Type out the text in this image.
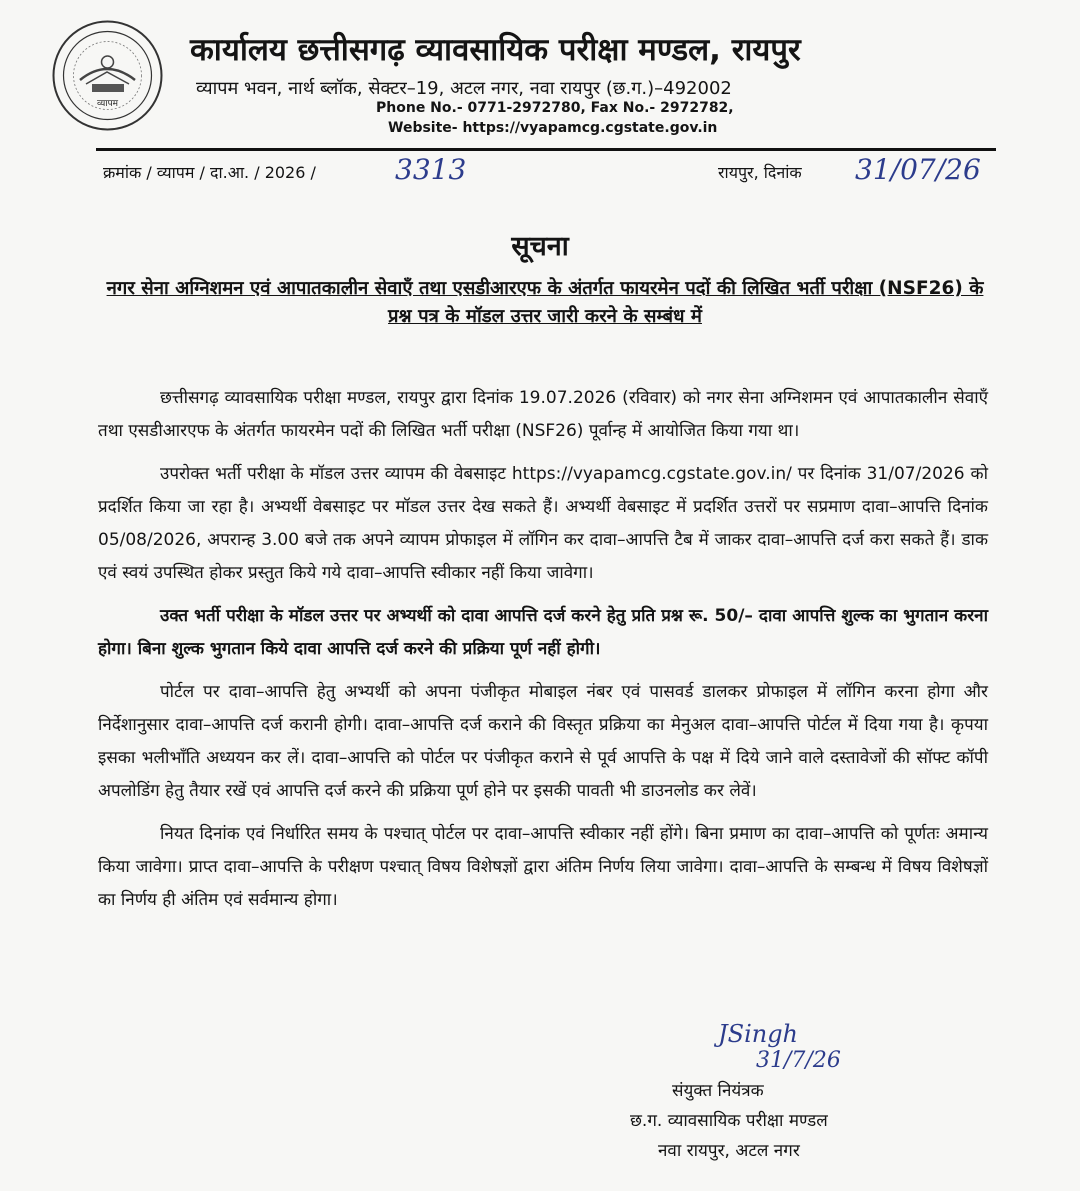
व्यापम
कार्यालय छत्तीसगढ़ व्यावसायिक परीक्षा मण्डल, रायपुर
व्यापम भवन, नार्थ ब्लॉक, सेक्टर–19, अटल नगर, नवा रायपुर (छ.ग.)–492002
Phone No.- 0771-2972780, Fax No.- 2972782,
Website- https://vyapamcg.cgstate.gov.in
क्रमांक / व्यापम / दा.आ. / 2026 /	3313	रायपुर, दिनांक 31/07/26
सूचना
नगर सेना अग्निशमन एवं आपातकालीन सेवाएँ तथा एसडीआरएफ के अंतर्गत फायरमेन पदों की लिखित भर्ती परीक्षा (NSF26) के प्रश्न पत्र के मॉडल उत्तर जारी करने के सम्बंध में

छत्तीसगढ़ व्यावसायिक परीक्षा मण्डल, रायपुर द्वारा दिनांक 19.07.2026 (रविवार) को नगर सेना अग्निशमन एवं आपातकालीन सेवाएँ तथा एसडीआरएफ के अंतर्गत फायरमेन पदों की लिखित भर्ती परीक्षा (NSF26) पूर्वान्ह में आयोजित किया गया था।

उपरोक्त भर्ती परीक्षा के मॉडल उत्तर व्यापम की वेबसाइट https://vyapamcg.cgstate.gov.in/ पर दिनांक 31/07/2026 को प्रदर्शित किया जा रहा है। अभ्यर्थी वेबसाइट पर मॉडल उत्तर देख सकते हैं। अभ्यर्थी वेबसाइट में प्रदर्शित उत्तरों पर सप्रमाण दावा–आपत्ति दिनांक 05/08/2026, अपरान्ह 3.00 बजे तक अपने व्यापम प्रोफाइल में लॉगिन कर दावा–आपत्ति टैब में जाकर दावा–आपत्ति दर्ज करा सकते हैं। डाक एवं स्वयं उपस्थित होकर प्रस्तुत किये गये दावा–आपत्ति स्वीकार नहीं किया जावेगा।

उक्त भर्ती परीक्षा के मॉडल उत्तर पर अभ्यर्थी को दावा आपत्ति दर्ज करने हेतु प्रति प्रश्न रू. 50/– दावा आपत्ति शुल्क का भुगतान करना होगा। बिना शुल्क भुगतान किये दावा आपत्ति दर्ज करने की प्रक्रिया पूर्ण नहीं होगी।

पोर्टल पर दावा–आपत्ति हेतु अभ्यर्थी को अपना पंजीकृत मोबाइल नंबर एवं पासवर्ड डालकर प्रोफाइल में लॉगिन करना होगा और निर्देशानुसार दावा–आपत्ति दर्ज करानी होगी। दावा–आपत्ति दर्ज कराने की विस्तृत प्रक्रिया का मेनुअल दावा–आपत्ति पोर्टल में दिया गया है। कृपया इसका भलीभाँति अध्ययन कर लें। दावा–आपत्ति को पोर्टल पर पंजीकृत कराने से पूर्व आपत्ति के पक्ष में दिये जाने वाले दस्तावेजों की सॉफ्ट कॉपी अपलोडिंग हेतु तैयार रखें एवं आपत्ति दर्ज करने की प्रक्रिया पूर्ण होने पर इसकी पावती भी डाउनलोड कर लेवें।

नियत दिनांक एवं निर्धारित समय के पश्चात् पोर्टल पर दावा–आपत्ति स्वीकार नहीं होंगे। बिना प्रमाण का दावा–आपत्ति को पूर्णतः अमान्य किया जावेगा। प्राप्त दावा–आपत्ति के परीक्षण पश्चात् विषय विशेषज्ञों द्वारा अंतिम निर्णय लिया जावेगा। दावा–आपत्ति के सम्बन्ध में विषय विशेषज्ञों का निर्णय ही अंतिम एवं सर्वमान्य होगा।

JSingh
31/7/26
संयुक्त नियंत्रक
छ.ग. व्यावसायिक परीक्षा मण्डल
नवा रायपुर, अटल नगर
